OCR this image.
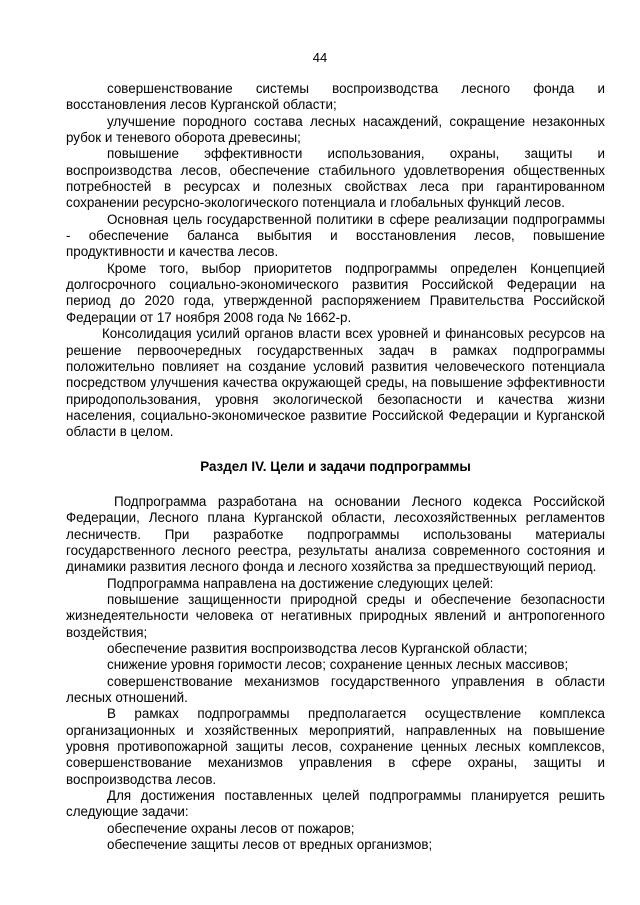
44

совершенствование системы воспроизводства лесного фонда и восстановления лесов Курганской области;

улучшение породного состава лесных насаждений, сокращение незаконных рубок и теневого оборота древесины;

повышение эффективности использования, охраны, защиты и воспроизводства лесов, обеспечение стабильного удовлетворения общественных потребностей в ресурсах и полезных свойствах леса при гарантированном сохранении ресурсно-экологического потенциала и глобальных функций лесов.

Основная цель государственной политики в сфере реализации подпрограммы - обеспечение баланса выбытия и восстановления лесов, повышение продуктивности и качества лесов.

Кроме того, выбор приоритетов подпрограммы определен Концепцией долгосрочного социально-экономического развития Российской Федерации на период до 2020 года, утвержденной распоряжением Правительства Российской Федерации от 17 ноября 2008 года № 1662-р.

Консолидация усилий органов власти всех уровней и финансовых ресурсов на решение первоочередных государственных задач в рамках подпрограммы положительно повлияет на создание условий развития человеческого потенциала посредством улучшения качества окружающей среды, на повышение эффективности природопользования, уровня экологической безопасности и качества жизни населения, социально-экономическое развитие Российской Федерации и Курганской области в целом.

Раздел IV. Цели и задачи подпрограммы

Подпрограмма разработана на основании Лесного кодекса Российской Федерации, Лесного плана Курганской области, лесохозяйственных регламентов лесничеств. При разработке подпрограммы использованы материалы государственного лесного реестра, результаты анализа современного состояния и динамики развития лесного фонда и лесного хозяйства за предшествующий период.

Подпрограмма направлена на достижение следующих целей:

повышение защищенности природной среды и обеспечение безопасности жизнедеятельности человека от негативных природных явлений и антропогенного воздействия;

обеспечение развития воспроизводства лесов Курганской области;

снижение уровня горимости лесов; сохранение ценных лесных массивов;

совершенствование механизмов государственного управления в области лесных отношений.

В рамках подпрограммы предполагается осуществление комплекса организационных и хозяйственных мероприятий, направленных на повышение уровня противопожарной защиты лесов, сохранение ценных лесных комплексов, совершенствование механизмов управления в сфере охраны, защиты и воспроизводства лесов.

Для достижения поставленных целей подпрограммы планируется решить следующие задачи:

обеспечение охраны лесов от пожаров;

обеспечение защиты лесов от вредных организмов;
